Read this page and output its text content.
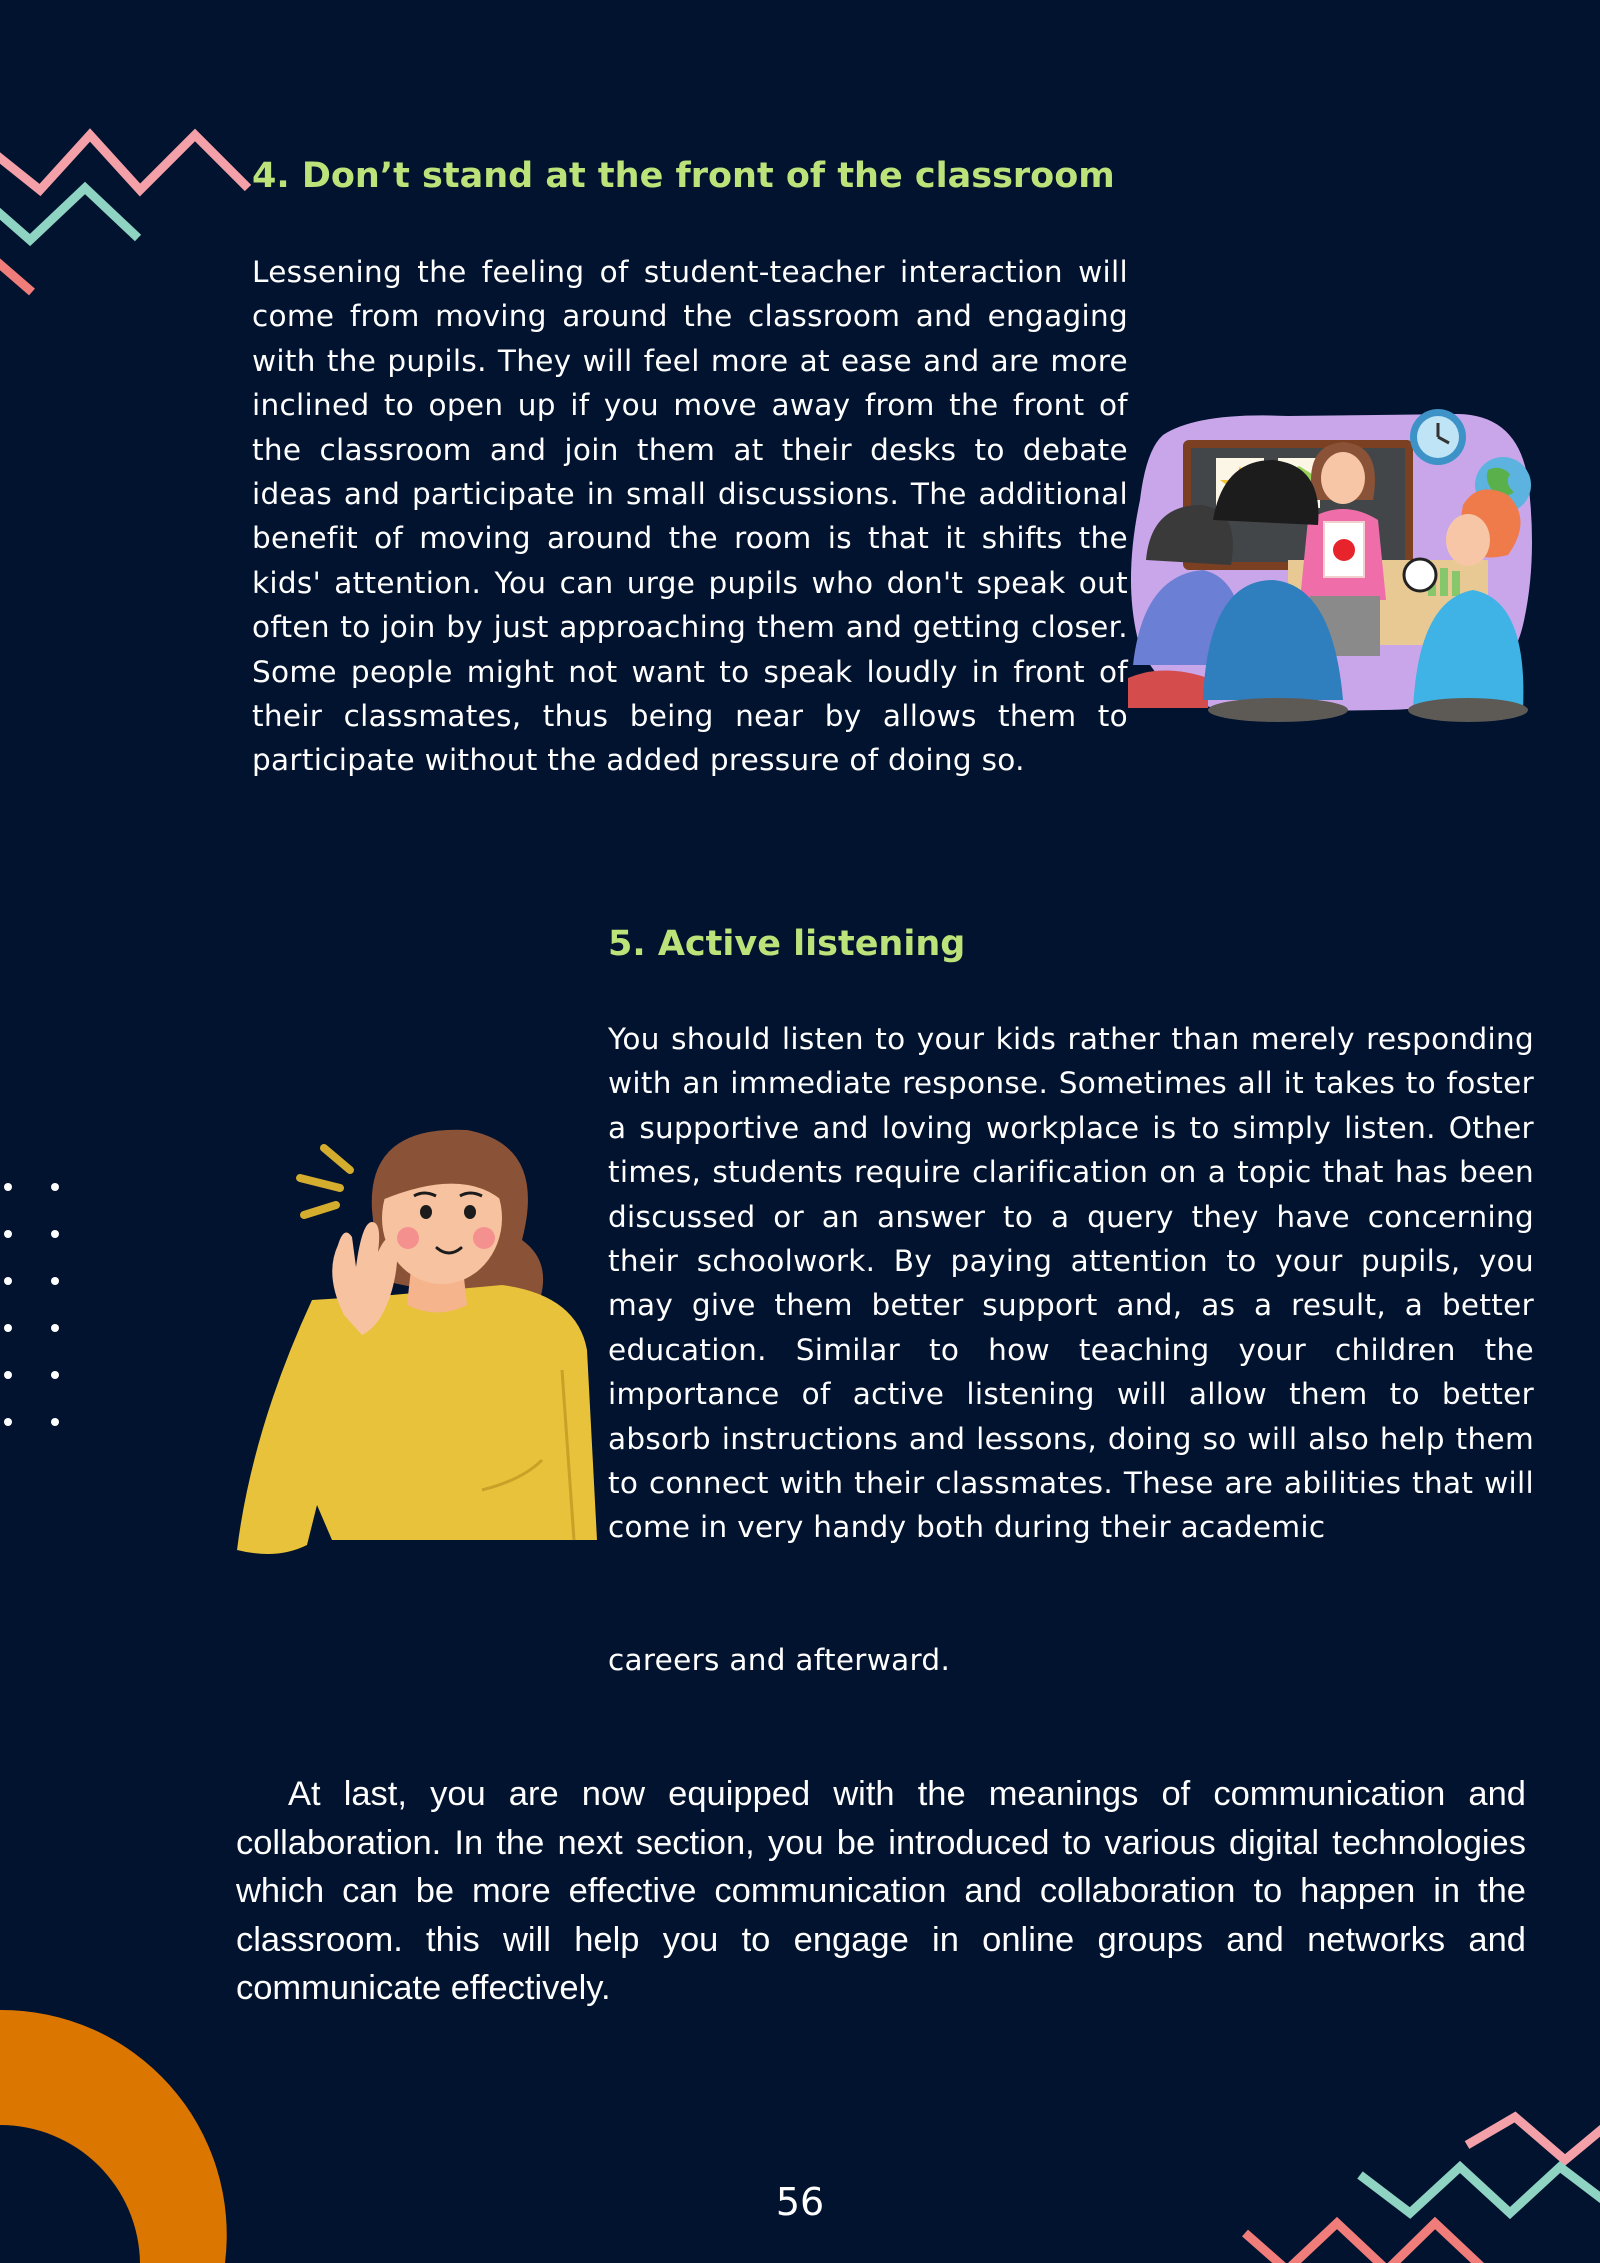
4. Don’t stand at the front of the classroom

Lessening the feeling of student-teacher interaction will come from moving around the classroom and engaging with the pupils. They will feel more at ease and are more inclined to open up if you move away from the front of the classroom and join them at their desks to debate ideas and participate in small discussions. The additional benefit of moving around the room is that it shifts the kids' attention. You can urge pupils who don't speak out often to join by just approaching them and getting closer. Some people might not want to speak loudly in front of their classmates, thus being near by allows them to participate without the added pressure of doing so.

5. Active listening

You should listen to your kids rather than merely responding with an immediate response. Sometimes all it takes to foster a supportive and loving workplace is to simply listen. Other times, students require clarification on a topic that has been discussed or an answer to a query they have concerning their schoolwork. By paying attention to your pupils, you may give them better support and, as a result, a better education. Similar to how teaching your children the importance of active listening will allow them to better absorb instructions and lessons, doing so will also help them to connect with their classmates. These are abilities that will come in very handy both during their academic

careers and afterward.

At last, you are now equipped with the meanings of communication and collaboration. In the next section, you be introduced to various digital technologies which can be more effective communication and collaboration to happen in the classroom. this will help you to engage in online groups and networks and communicate effectively.

56
